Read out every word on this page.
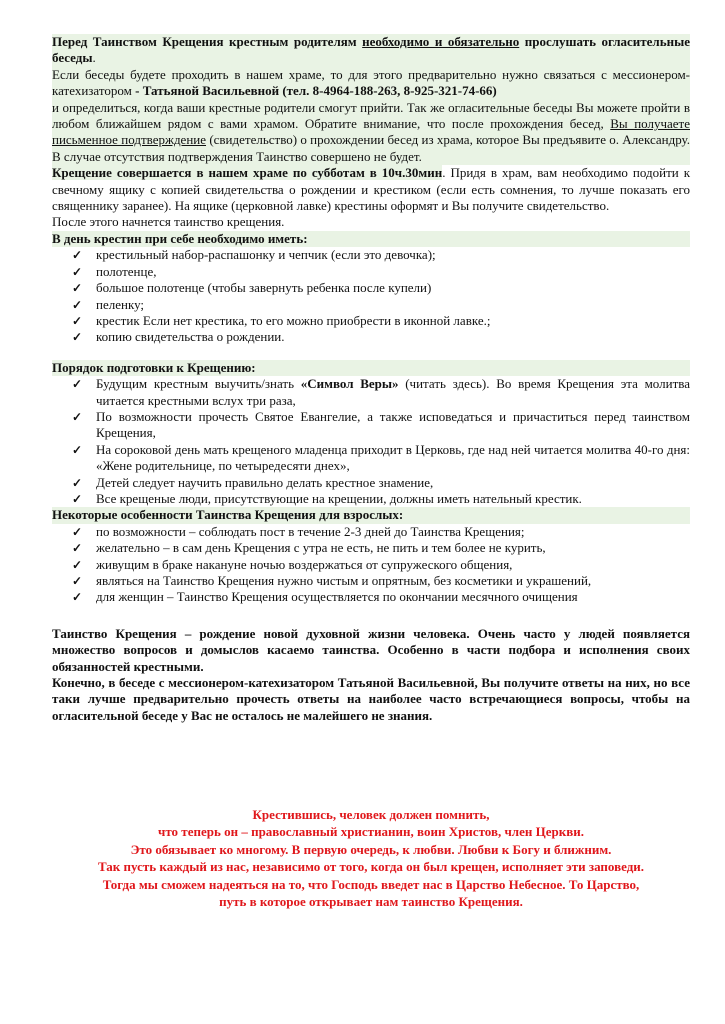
Перед Таинством Крещения крестным родителям необходимо и обязательно прослушать огласительные беседы.

Если беседы будете проходить в нашем храме, то для этого предварительно нужно связаться с мессионером-катехизатором - Татьяной Васильевной (тел. 8-4964-188-263, 8-925-321-74-66)

и определиться, когда ваши крестные родители смогут прийти. Так же огласительные беседы Вы можете пройти в любом ближайшем рядом с вами храмом. Обратите внимание, что после прохождения бесед, Вы получаете письменное подтверждение (свидетельство) о прохождении бесед из храма, которое Вы предъявите о. Александру. В случае отсутствия подтверждения Таинство совершено не будет.

Крещение совершается в нашем храме по субботам в 10ч.30мин. Придя в храм, вам необходимо подойти к свечному ящику с копией свидетельства о рождении и крестиком (если есть сомнения, то лучше показать его священнику заранее). На ящике (церковной лавке) крестины оформят и Вы получите свидетельство.

После этого начнется таинство крещения.

В день крестин при себе необходимо иметь:

✓	крестильный набор-распашонку и чепчик (если это девочка);
✓	полотенце,
✓	большое полотенце (чтобы завернуть ребенка после купели)
✓	пеленку;
✓	крестик Если нет крестика, то его можно приобрести в иконной лавке.;
✓	копию свидетельства о рождении.

Порядок подготовки к Крещению:

✓	Будущим крестным выучить/знать «Символ Веры» (читать здесь). Во время Крещения эта молитва читается крестными вслух три раза,
✓	По возможности прочесть Святое Евангелие, а также исповедаться и причаститься перед таинством Крещения,
✓	На сороковой день мать крещеного младенца приходит в Церковь, где над ней читается молитва 40-го дня: «Жене родительнице, по четыредесяти днех»,
✓	Детей следует научить правильно делать крестное знамение,
✓	Все крещеные люди, присутствующие на крещении, должны иметь нательный крестик.

Некоторые особенности Таинства Крещения для взрослых:

✓	по возможности – соблюдать пост в течение 2-3 дней до Таинства Крещения;
✓	желательно – в сам день Крещения с утра не есть, не пить и тем более не курить,
✓	живущим в браке накануне ночью воздержаться от супружеского общения,
✓	являться на Таинство Крещения нужно чистым и опрятным, без косметики и украшений,
✓	для женщин – Таинство Крещения осуществляется по окончании месячного очищения

Таинство Крещения – рождение новой духовной жизни человека. Очень часто у людей появляется множество вопросов и домыслов касаемо таинства. Особенно в части подбора и исполнения своих обязанностей крестными.

Конечно, в беседе с мессионером-катехизатором Татьяной Васильевной, Вы получите ответы на них, но все таки лучше предварительно прочесть ответы на наиболее часто встречающиеся вопросы, чтобы на огласительной беседе у Вас не осталось не малейшего не знания.

Крестившись, человек должен помнить,
что теперь он – православный христианин, воин Христов, член Церкви.
Это обязывает ко многому. В первую очередь, к любви. Любви к Богу и ближним.
Так пусть каждый из нас, независимо от того, когда он был крещен, исполняет эти заповеди.
Тогда мы сможем надеяться на то, что Господь введет нас в Царство Небесное. То Царство,
путь в которое открывает нам таинство Крещения.
